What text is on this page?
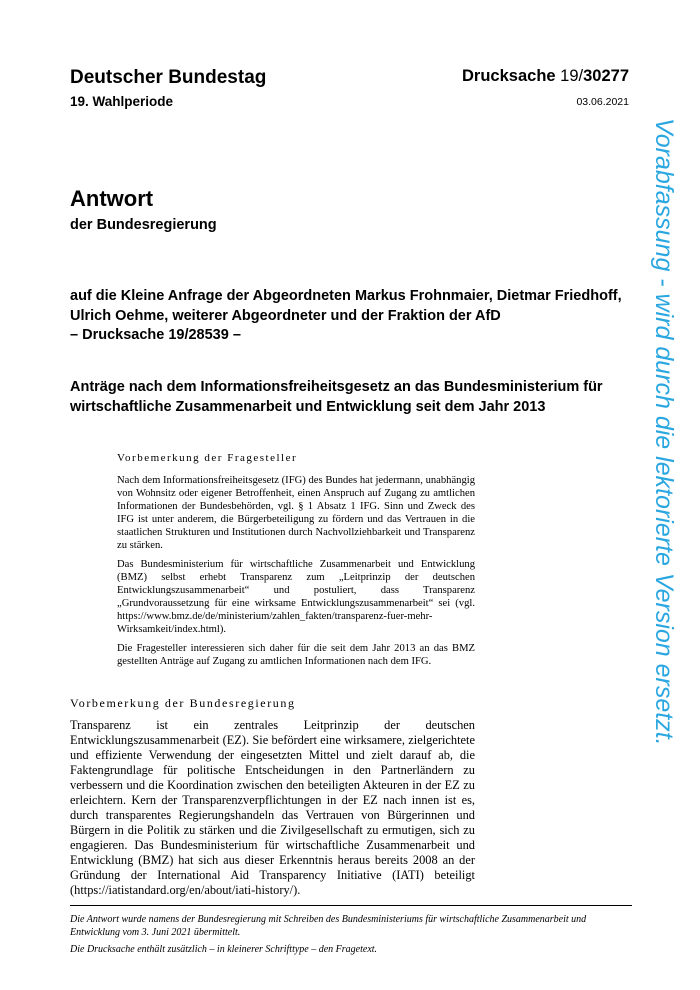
Deutscher Bundestag	Drucksache 19/30277
19. Wahlperiode	03.06.2021
Antwort
der Bundesregierung
auf die Kleine Anfrage der Abgeordneten Markus Frohnmaier, Dietmar Friedhoff,
Ulrich Oehme, weiterer Abgeordneter und der Fraktion der AfD
– Drucksache 19/28539 –
Anträge nach dem Informationsfreiheitsgesetz an das Bundesministerium für
wirtschaftliche Zusammenarbeit und Entwicklung seit dem Jahr 2013
Vorbemerkung der Fragesteller

Nach dem Informationsfreiheitsgesetz (IFG) des Bundes hat jedermann, unabhängig von Wohnsitz oder eigener Betroffenheit, einen Anspruch auf Zugang zu amtlichen Informationen der Bundesbehörden, vgl. § 1 Absatz 1 IFG. Sinn und Zweck des IFG ist unter anderem, die Bürgerbeteiligung zu fördern und das Vertrauen in die staatlichen Strukturen und Institutionen durch Nachvollziehbarkeit und Transparenz zu stärken.

Das Bundesministerium für wirtschaftliche Zusammenarbeit und Entwicklung (BMZ) selbst erhebt Transparenz zum „Leitprinzip der deutschen Entwicklungszusammenarbeit“ und postuliert, dass Transparenz „Grundvoraussetzung für eine wirksame Entwicklungszusammenarbeit“ sei (vgl. https://www.bmz.de/de/ministerium/zahlen_fakten/transparenz-fuer-mehr-Wirksamkeit/index.html).

Die Fragesteller interessieren sich daher für die seit dem Jahr 2013 an das BMZ gestellten Anträge auf Zugang zu amtlichen Informationen nach dem IFG.

Vorbemerkung der Bundesregierung

Transparenz ist ein zentrales Leitprinzip der deutschen Entwicklungszusammenarbeit (EZ). Sie befördert eine wirksamere, zielgerichtete und effiziente Verwendung der eingesetzten Mittel und zielt darauf ab, die Faktengrundlage für politische Entscheidungen in den Partnerländern zu verbessern und die Koordination zwischen den beteiligten Akteuren in der EZ zu erleichtern. Kern der Transparenzverpflichtungen in der EZ nach innen ist es, durch transparentes Regierungshandeln das Vertrauen von Bürgerinnen und Bürgern in die Politik zu stärken und die Zivilgesellschaft zu ermutigen, sich zu engagieren. Das Bundesministerium für wirtschaftliche Zusammenarbeit und Entwicklung (BMZ) hat sich aus dieser Erkenntnis heraus bereits 2008 an der Gründung der International Aid Transparency Initiative (IATI) beteiligt (https://iatistandard.org/en/about/iati-history/).

Die Antwort wurde namens der Bundesregierung mit Schreiben des Bundesministeriums für wirtschaftliche Zusammenarbeit und Entwicklung vom 3. Juni 2021 übermittelt.

Die Drucksache enthält zusätzlich – in kleinerer Schrifttype – den Fragetext.

Vorabfassung - wird durch die lektorierte Version ersetzt.
